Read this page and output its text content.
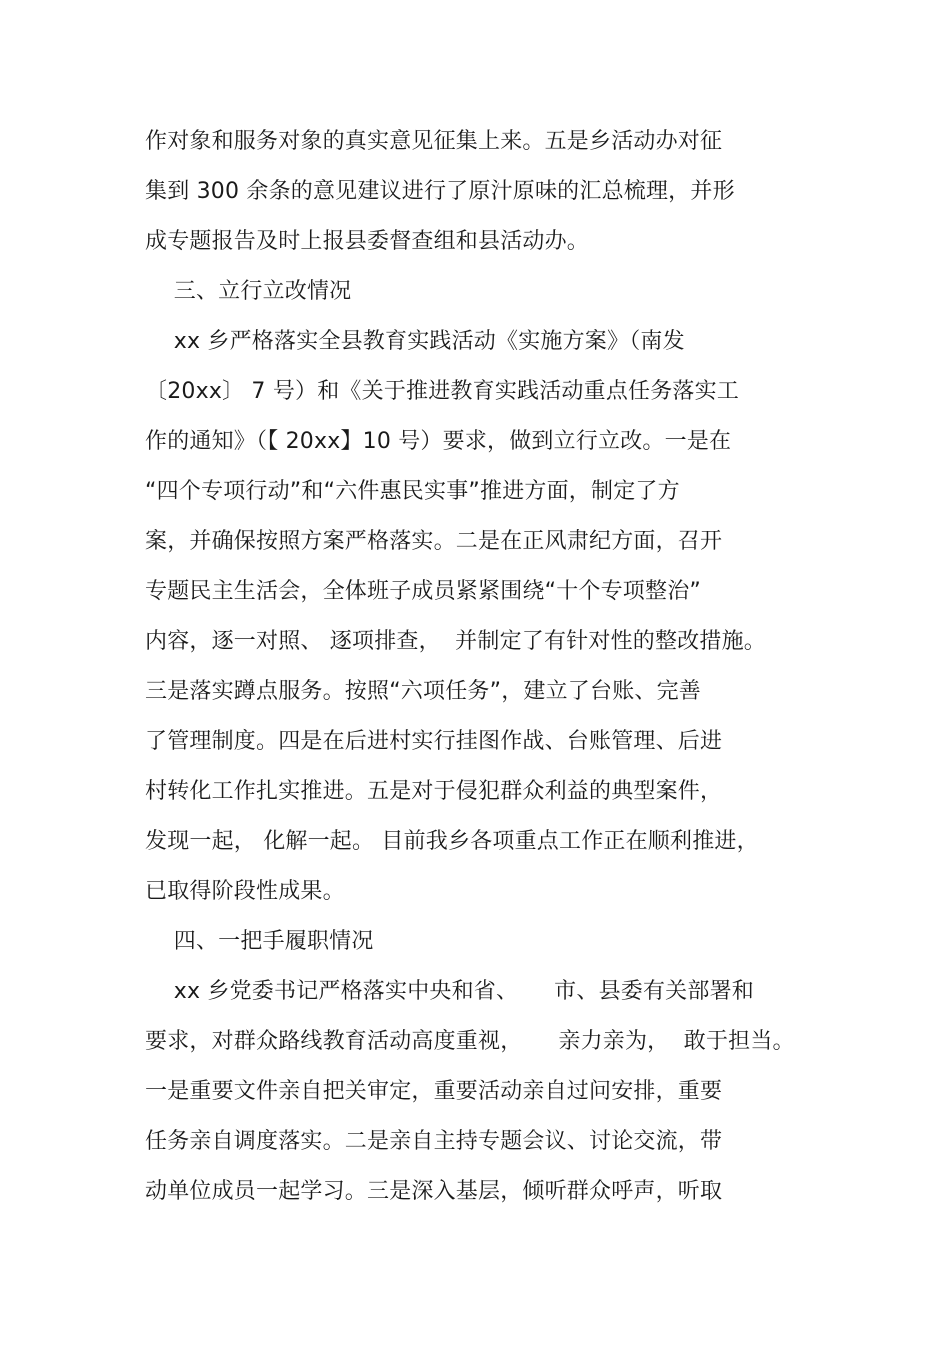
作对象和服务对象的真实意见征集上来。五是乡活动办对征
集到 300 余条的意见建议进行了原汁原味的汇总梳理，并形
成专题报告及时上报县委督查组和县活动办。
三、立行立改情况
xx 乡严格落实全县教育实践活动《实施方案》（南发
〔20xx〕 7 号）和《关于推进教育实践活动重点任务落实工
作的通知》（【 20xx】10 号）要求，做到立行立改。一是在
“四个专项行动”和“六件惠民实事”推进方面，制定了方
案，并确保按照方案严格落实。二是在正风肃纪方面，召开
专题民主生活会，全体班子成员紧紧围绕“十个专项整治”
内容，逐一对照、 逐项排查，  并制定了有针对性的整改措施。
三是落实蹲点服务。按照“六项任务”，建立了台账、完善
了管理制度。四是在后进村实行挂图作战、台账管理、后进
村转化工作扎实推进。五是对于侵犯群众利益的典型案件，
发现一起， 化解一起。 目前我乡各项重点工作正在顺利推进，
已取得阶段性成果。
四、一把手履职情况
xx 乡党委书记严格落实中央和省、     市、县委有关部署和
要求，对群众路线教育活动高度重视，     亲力亲为，  敢于担当。
一是重要文件亲自把关审定，重要活动亲自过问安排，重要
任务亲自调度落实。二是亲自主持专题会议、讨论交流，带
动单位成员一起学习。三是深入基层，倾听群众呼声，听取
